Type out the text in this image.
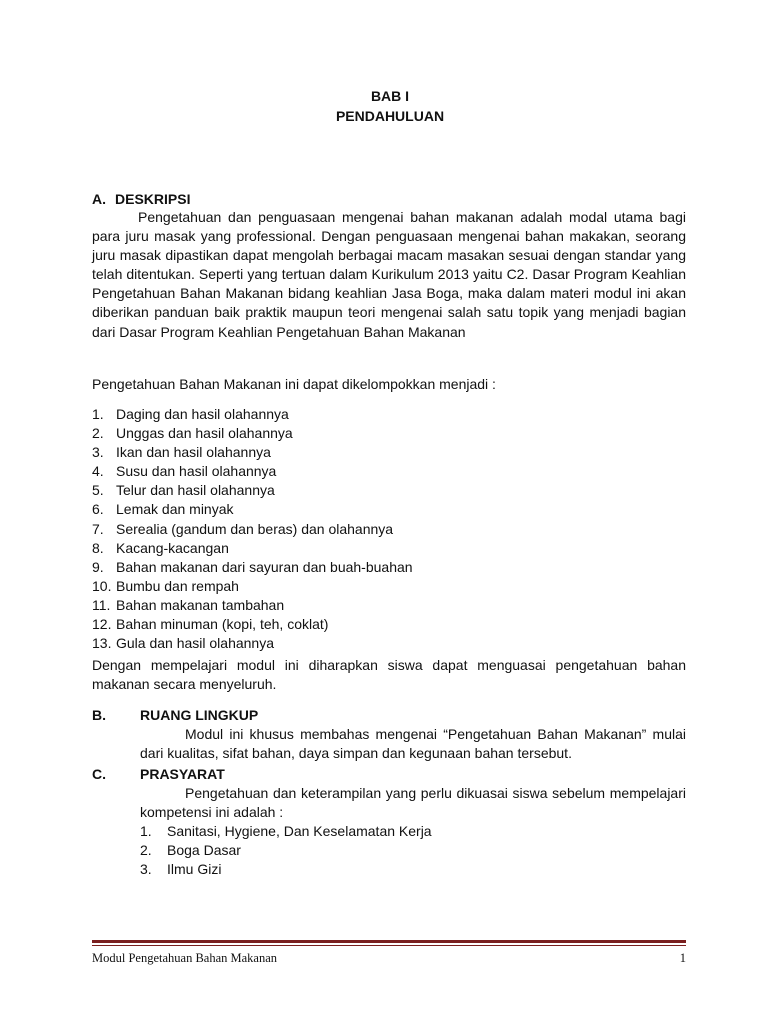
BAB I
PENDAHULUAN
A. DESKRIPSI

Pengetahuan dan penguasaan mengenai bahan makanan adalah modal utama bagi para juru masak yang professional. Dengan penguasaan mengenai bahan makakan, seorang juru masak dipastikan dapat mengolah berbagai macam masakan sesuai dengan standar yang telah ditentukan. Seperti yang tertuan dalam Kurikulum 2013 yaitu C2. Dasar Program Keahlian Pengetahuan Bahan Makanan bidang keahlian Jasa Boga, maka dalam materi modul ini akan diberikan panduan baik praktik maupun teori mengenai salah satu topik yang menjadi bagian dari Dasar Program Keahlian Pengetahuan Bahan Makanan

Pengetahuan Bahan Makanan ini dapat dikelompokkan menjadi :

1. Daging dan hasil olahannya
2. Unggas dan hasil olahannya
3. Ikan dan hasil olahannya
4. Susu dan hasil olahannya
5. Telur dan hasil olahannya
6. Lemak dan minyak
7. Serealia (gandum dan beras) dan olahannya
8. Kacang-kacangan
9. Bahan makanan dari sayuran dan buah-buahan
10. Bumbu dan rempah
11. Bahan makanan tambahan
12. Bahan minuman (kopi, teh, coklat)
13. Gula dan hasil olahannya

Dengan mempelajari modul ini diharapkan siswa dapat menguasai pengetahuan bahan makanan secara menyeluruh.

B. RUANG LINGKUP

Modul ini khusus membahas mengenai “Pengetahuan Bahan Makanan” mulai dari kualitas, sifat bahan, daya simpan dan kegunaan bahan tersebut.

C. PRASYARAT

Pengetahuan dan keterampilan yang perlu dikuasai siswa sebelum mempelajari kompetensi ini adalah :

1. Sanitasi, Hygiene, Dan Keselamatan Kerja
2. Boga Dasar
3. Ilmu Gizi
Modul Pengetahuan Bahan Makanan	1
